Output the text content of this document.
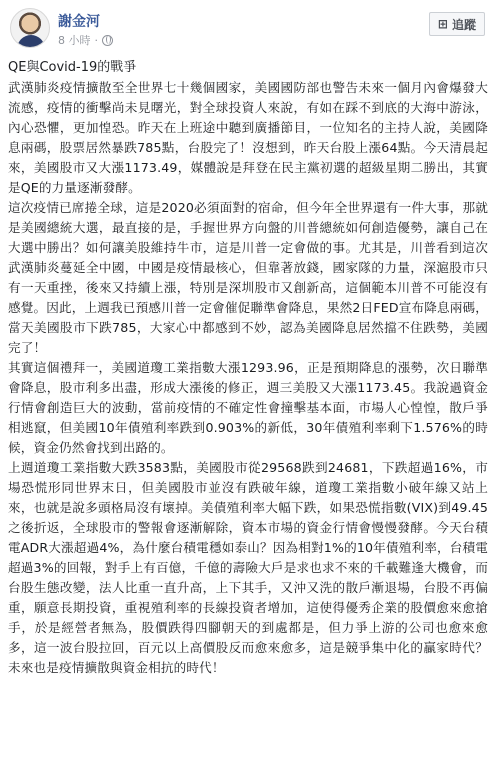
謝金河
8 小時 ·
⊞ 追蹤
QE與Covid-19的戰爭

武漢肺炎疫情擴散至全世界七十幾個國家，美國國防部也警告未來一個月內會爆發大流感，疫情的衝擊尚未見曙光，對全球投資人來說，有如在踩不到底的大海中游泳，內心恐懼，更加惶恐。昨天在上班途中聽到廣播節目，一位知名的主持人說，美國降息兩碼，股票居然暴跌785點，台股完了！沒想到，昨天台股上漲64點。今天清晨起來，美國股市又大漲1173.49，媒體說是拜登在民主黨初選的超級星期二勝出，其實是QE的力量逐漸發酵。

這次疫情已席捲全球，這是2020必須面對的宿命，但今年全世界還有一件大事，那就是美國總統大選，最直接的是，手握世界方向盤的川普總統如何創造優勢，讓自己在大選中勝出？如何讓美股維持牛市，這是川普一定會做的事。尤其是，川普看到這次武漢肺炎蔓延全中國，中國是疫情最核心，但靠著放錢，國家隊的力量，深滬股市只有一天重挫，後來又持續上漲，特別是深圳股市又創新高，這個範本川普不可能沒有感覺。因此，上週我已預感川普一定會催促聯準會降息，果然2日FED宣布降息兩碼，當天美國股市下跌785，大家心中都感到不妙，認為美國降息居然擋不住跌勢，美國完了！

其實這個禮拜一，美國道瓊工業指數大漲1293.96，正是預期降息的漲勢，次日聯準會降息，股市利多出盡，形成大漲後的修正，週三美股又大漲1173.45。我說過資金行情會創造巨大的波動，當前疫情的不確定性會撞擊基本面，市場人心惶惶，散戶爭相逃竄，但美國10年債殖利率跌到0.903%的新低，30年債殖利率剩下1.576%的時候，資金仍然會找到出路的。

上週道瓊工業指數大跌3583點，美國股市從29568跌到24681，下跌超過16%，市場恐慌形同世界末日，但美國股市並沒有跌破年線，道瓊工業指數小破年線又站上來，也就是說多頭格局沒有壞掉。美債殖利率大幅下跌，如果恐慌指數(VIX)到49.45之後折返，全球股市的警報會逐漸解除，資本市場的資金行情會慢慢發酵。今天台積電ADR大漲超過4%，為什麼台積電穩如泰山？因為相對1%的10年債殖利率，台積電超過3%的回報，對手上有百億，千億的壽險大戶是求也求不來的千載難逢大機會，而台股生態改變，法人比重一直升高，上下其手，又沖又洗的散戶漸退場，台股不再偏重，願意長期投資，重視殖利率的長線投資者增加，這使得優秀企業的股價愈來愈搶手，於是經營者無為，股價跌得四腳朝天的到處都是，但力爭上游的公司也愈來愈多，這一波台股拉回，百元以上高價股反而愈來愈多，這是競爭集中化的贏家時代？未來也是疫情擴散與資金相抗的時代！
